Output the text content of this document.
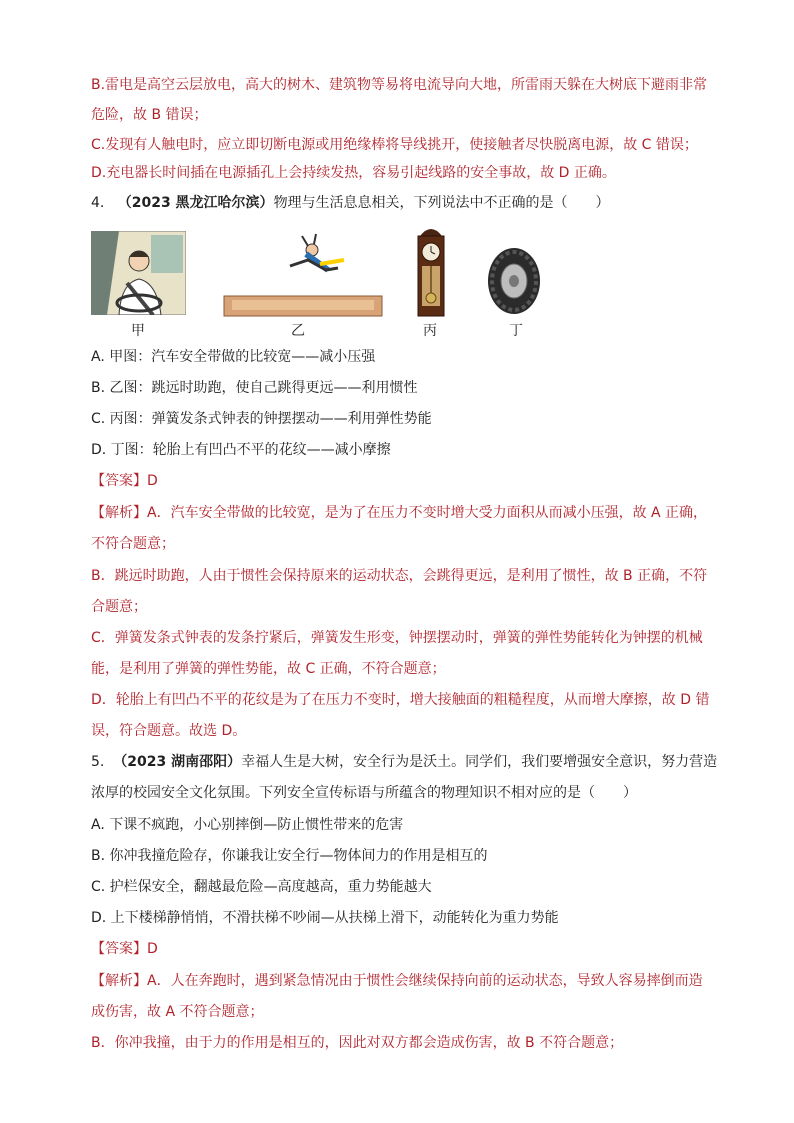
B.雷电是高空云层放电，高大的树木、建筑物等易将电流导向大地，所雷雨天躲在大树底下避雨非常
危险，故 B 错误；
C.发现有人触电时，应立即切断电源或用绝缘棒将导线挑开，使接触者尽快脱离电源，故 C 错误；
D.充电器长时间插在电源插孔上会持续发热，容易引起线路的安全事故，故 D 正确。
4. （2023 黑龙江哈尔滨）物理与生活息息相关，下列说法中不正确的是（　　）
甲	乙	丙	丁
A. 甲图：汽车安全带做的比较宽——减小压强
B. 乙图：跳远时助跑，使自己跳得更远——利用惯性
C. 丙图：弹簧发条式钟表的钟摆摆动——利用弹性势能
D. 丁图：轮胎上有凹凸不平的花纹——减小摩擦
【答案】D
【解析】A．汽车安全带做的比较宽，是为了在压力不变时增大受力面积从而减小压强，故 A 正确，
不符合题意；
B．跳远时助跑，人由于惯性会保持原来的运动状态，会跳得更远，是利用了惯性，故 B 正确，不符
合题意；
C．弹簧发条式钟表的发条拧紧后，弹簧发生形变，钟摆摆动时，弹簧的弹性势能转化为钟摆的机械
能，是利用了弹簧的弹性势能，故 C 正确，不符合题意；
D．轮胎上有凹凸不平的花纹是为了在压力不变时，增大接触面的粗糙程度，从而增大摩擦，故 D 错
误，符合题意。故选 D。
5. （2023 湖南邵阳）幸福人生是大树，安全行为是沃土。同学们，我们要增强安全意识，努力营造
浓厚的校园安全文化氛围。下列安全宣传标语与所蕴含的物理知识不相对应的是（　　）
A. 下课不疯跑，小心别摔倒—防止惯性带来的危害
B. 你冲我撞危险存，你谦我让安全行—物体间力的作用是相互的
C. 护栏保安全，翻越最危险—高度越高，重力势能越大
D. 上下楼梯静悄悄，不滑扶梯不吵闹—从扶梯上滑下，动能转化为重力势能
【答案】D
【解析】A．人在奔跑时，遇到紧急情况由于惯性会继续保持向前的运动状态，导致人容易摔倒而造
成伤害，故 A 不符合题意；
B．你冲我撞，由于力的作用是相互的，因此对双方都会造成伤害，故 B 不符合题意；
